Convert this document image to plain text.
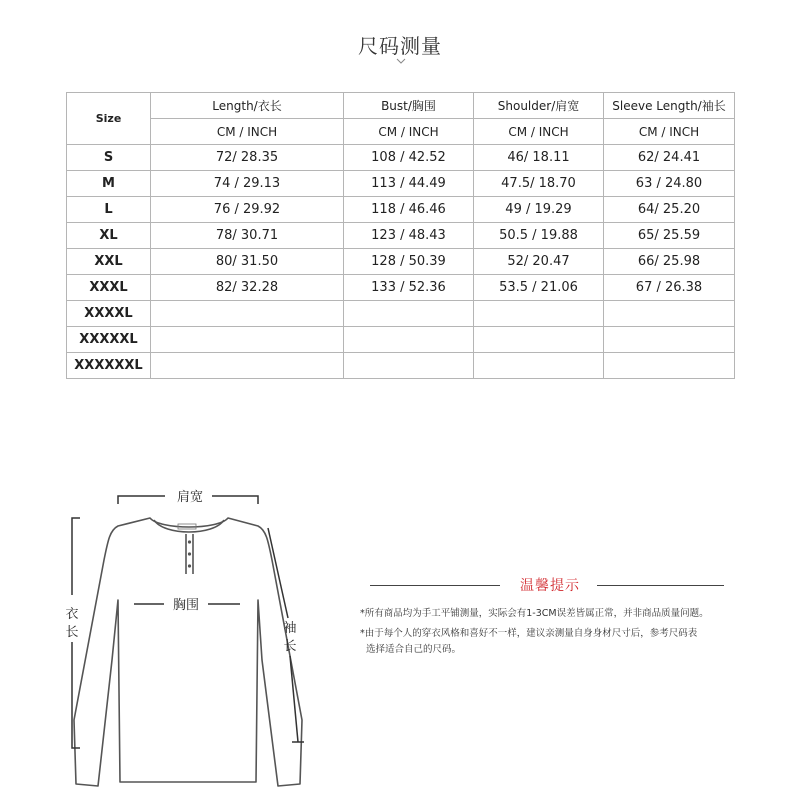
尺码测量
Size	Length/衣长	Bust/胸围	Shoulder/肩宽	Sleeve Length/袖长
	CM / INCH	CM / INCH	CM / INCH	CM / INCH
S	72/ 28.35	108 / 42.52	46/ 18.11	62/ 24.41
M	74 / 29.13	113 / 44.49	47.5/ 18.70	63 / 24.80
L	76 / 29.92	118 / 46.46	49 / 19.29	64/ 25.20
XL	78/ 30.71	123 / 48.43	50.5 / 19.88	65/ 25.59
XXL	80/ 31.50	128 / 50.39	52/ 20.47	66/ 25.98
XXXL	82/ 32.28	133 / 52.36	53.5 / 21.06	67 / 26.38
XXXXL				
XXXXXL				
XXXXXXL				
肩宽
胸围
衣
长	袖
长
温馨提示
*所有商品均为手工平铺测量，实际会有1-3CM误差皆属正常，并非商品质量问题。
*由于每个人的穿衣风格和喜好不一样，建议亲测量自身身材尺寸后，参考尺码表
选择适合自己的尺码。
